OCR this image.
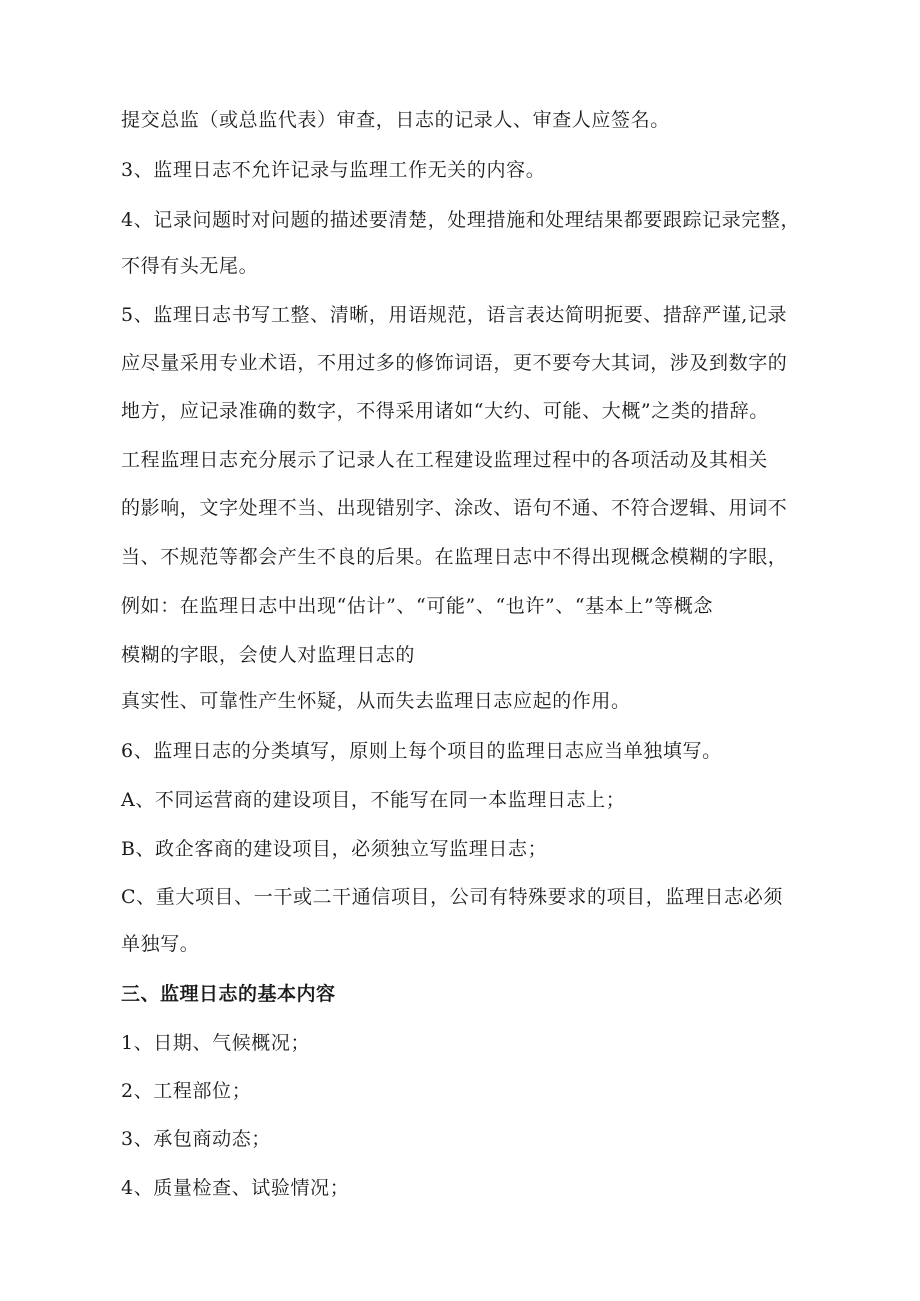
提交总监（或总监代表）审查，日志的记录人、审查人应签名。
3、监理日志不允许记录与监理工作无关的内容。
4、记录问题时对问题的描述要清楚，处理措施和处理结果都要跟踪记录完整，
不得有头无尾。
5、监理日志书写工整、清晰，用语规范，语言表达简明扼要、措辞严谨,记录
应尽量采用专业术语，不用过多的修饰词语，更不要夸大其词，涉及到数字的
地方，应记录准确的数字，不得采用诸如“大约、可能、大概”之类的措辞。
工程监理日志充分展示了记录人在工程建设监理过程中的各项活动及其相关
的影响，文字处理不当、出现错别字、涂改、语句不通、不符合逻辑、用词不
当、不规范等都会产生不良的后果。在监理日志中不得出现概念模糊的字眼，
例如：在监理日志中出现“估计”、“可能”、“也许”、“基本上”等概念
模糊的字眼，会使人对监理日志的
真实性、可靠性产生怀疑，从而失去监理日志应起的作用。
6、监理日志的分类填写，原则上每个项目的监理日志应当单独填写。
A、不同运营商的建设项目，不能写在同一本监理日志上；
B、政企客商的建设项目，必须独立写监理日志；
C、重大项目、一干或二干通信项目，公司有特殊要求的项目，监理日志必须
单独写。
三、监理日志的基本内容
1、日期、气候概况；
2、工程部位；
3、承包商动态；
4、质量检查、试验情况；
